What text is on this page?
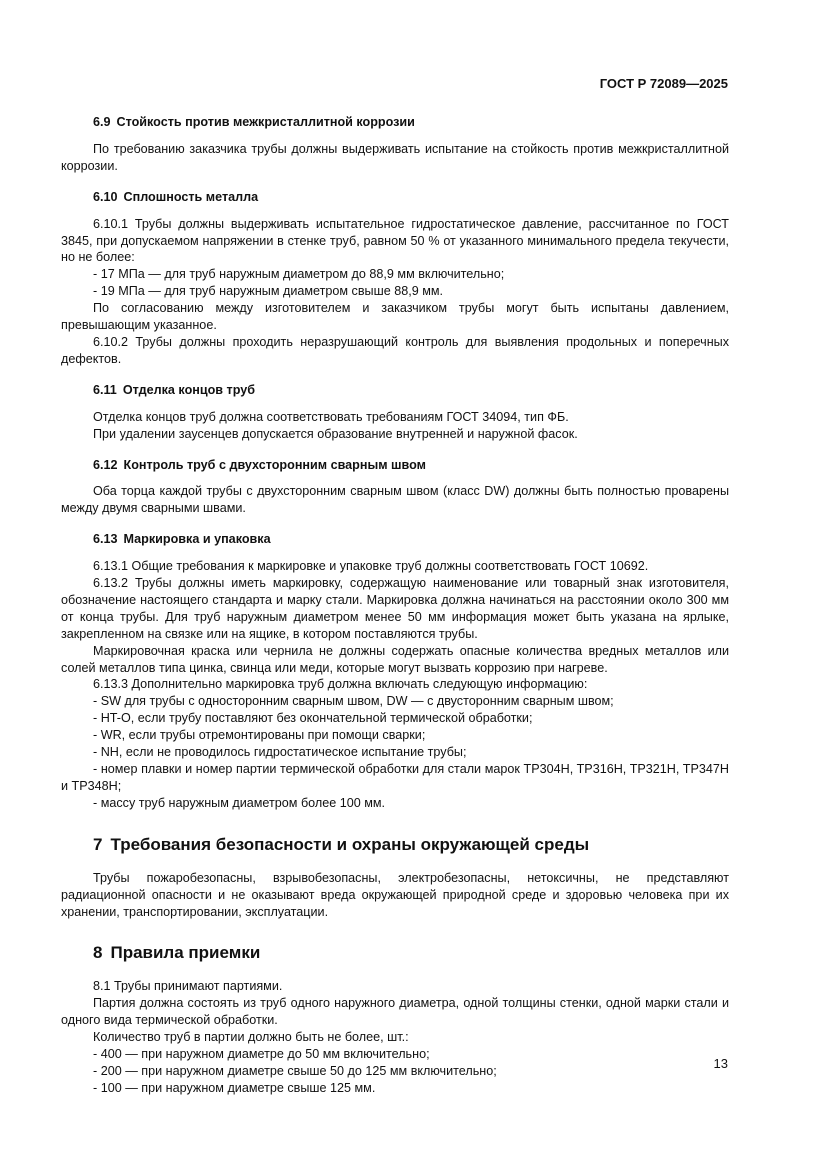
ГОСТ Р 72089—2025

6.9 Стойкость против межкристаллитной коррозии

По требованию заказчика трубы должны выдерживать испытание на стойкость против межкристаллитной коррозии.

6.10 Сплошность металла

6.10.1 Трубы должны выдерживать испытательное гидростатическое давление, рассчитанное по ГОСТ 3845, при допускаемом напряжении в стенке труб, равном 50 % от указанного минимального предела текучести, но не более:

- 17 МПа — для труб наружным диаметром до 88,9 мм включительно;

- 19 МПа — для труб наружным диаметром свыше 88,9 мм.

По согласованию между изготовителем и заказчиком трубы могут быть испытаны давлением, превышающим указанное.

6.10.2 Трубы должны проходить неразрушающий контроль для выявления продольных и поперечных дефектов.

6.11 Отделка концов труб

Отделка концов труб должна соответствовать требованиям ГОСТ 34094, тип ФБ.

При удалении заусенцев допускается образование внутренней и наружной фасок.

6.12 Контроль труб с двухсторонним сварным швом

Оба торца каждой трубы с двухсторонним сварным швом (класс DW) должны быть полностью проварены между двумя сварными швами.

6.13 Маркировка и упаковка

6.13.1 Общие требования к маркировке и упаковке труб должны соответствовать ГОСТ 10692.

6.13.2 Трубы должны иметь маркировку, содержащую наименование или товарный знак изготовителя, обозначение настоящего стандарта и марку стали. Маркировка должна начинаться на расстоянии около 300 мм от конца трубы. Для труб наружным диаметром менее 50 мм информация может быть указана на ярлыке, закрепленном на связке или на ящике, в котором поставляются трубы.

Маркировочная краска или чернила не должны содержать опасные количества вредных металлов или солей металлов типа цинка, свинца или меди, которые могут вызвать коррозию при нагреве.

6.13.3 Дополнительно маркировка труб должна включать следующую информацию:

- SW для трубы с односторонним сварным швом, DW — с двусторонним сварным швом;

- HT-O, если трубу поставляют без окончательной термической обработки;

- WR, если трубы отремонтированы при помощи сварки;

- NH, если не проводилось гидростатическое испытание трубы;

- номер плавки и номер партии термической обработки для стали марок TP304H, TP316H, TP321H, TP347H и TP348H;

- массу труб наружным диаметром более 100 мм.

7 Требования безопасности и охраны окружающей среды

Трубы пожаробезопасны, взрывобезопасны, электробезопасны, нетоксичны, не представляют радиационной опасности и не оказывают вреда окружающей природной среде и здоровью человека при их хранении, транспортировании, эксплуатации.

8 Правила приемки

8.1 Трубы принимают партиями.

Партия должна состоять из труб одного наружного диаметра, одной толщины стенки, одной марки стали и одного вида термической обработки.

Количество труб в партии должно быть не более, шт.:

- 400 — при наружном диаметре до 50 мм включительно;

- 200 — при наружном диаметре свыше 50 до 125 мм включительно;

- 100 — при наружном диаметре свыше 125 мм.

13
